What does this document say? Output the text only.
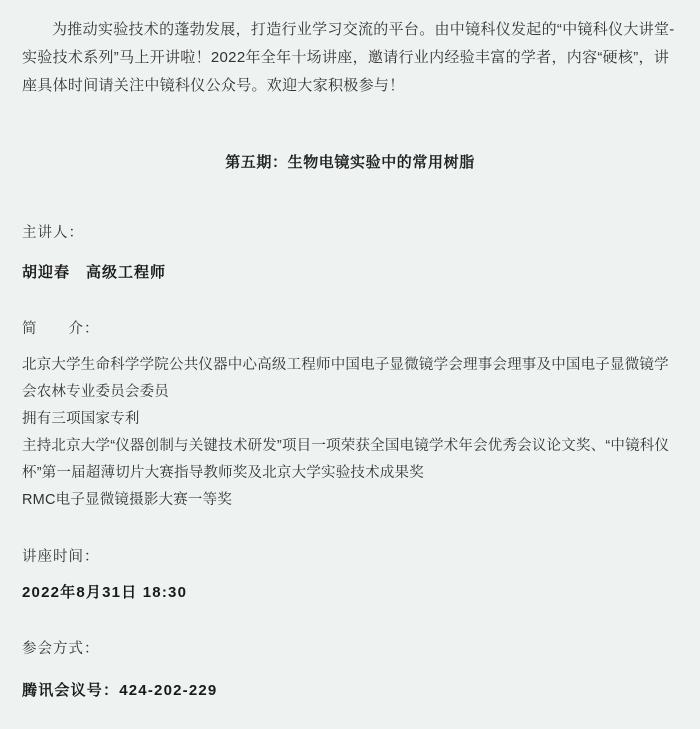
为推动实验技术的蓬勃发展，打造行业学习交流的平台。由中镜科仪发起的“中镜科仪大讲堂-实验技术系列”马上开讲啦！2022年全年十场讲座，邀请行业内经验丰富的学者，内容“硬核”，讲座具体时间请关注中镜科仪公众号。欢迎大家积极参与！

第五期：生物电镜实验中的常用树脂

主讲人：

胡迎春　高级工程师

简　　介：

北京大学生命科学学院公共仪器中心高级工程师中国电子显微镜学会理事会理事及中国电子显微镜学会农林专业委员会委员

拥有三项国家专利

主持北京大学“仪器创制与关键技术研发”项目一项荣获全国电镜学术年会优秀会议论文奖、“中镜科仪杯”第一届超薄切片大赛指导教师奖及北京大学实验技术成果奖

RMC电子显微镜摄影大赛一等奖

讲座时间：

2022年8月31日 18:30

参会方式：

腾讯会议号：424-202-229
